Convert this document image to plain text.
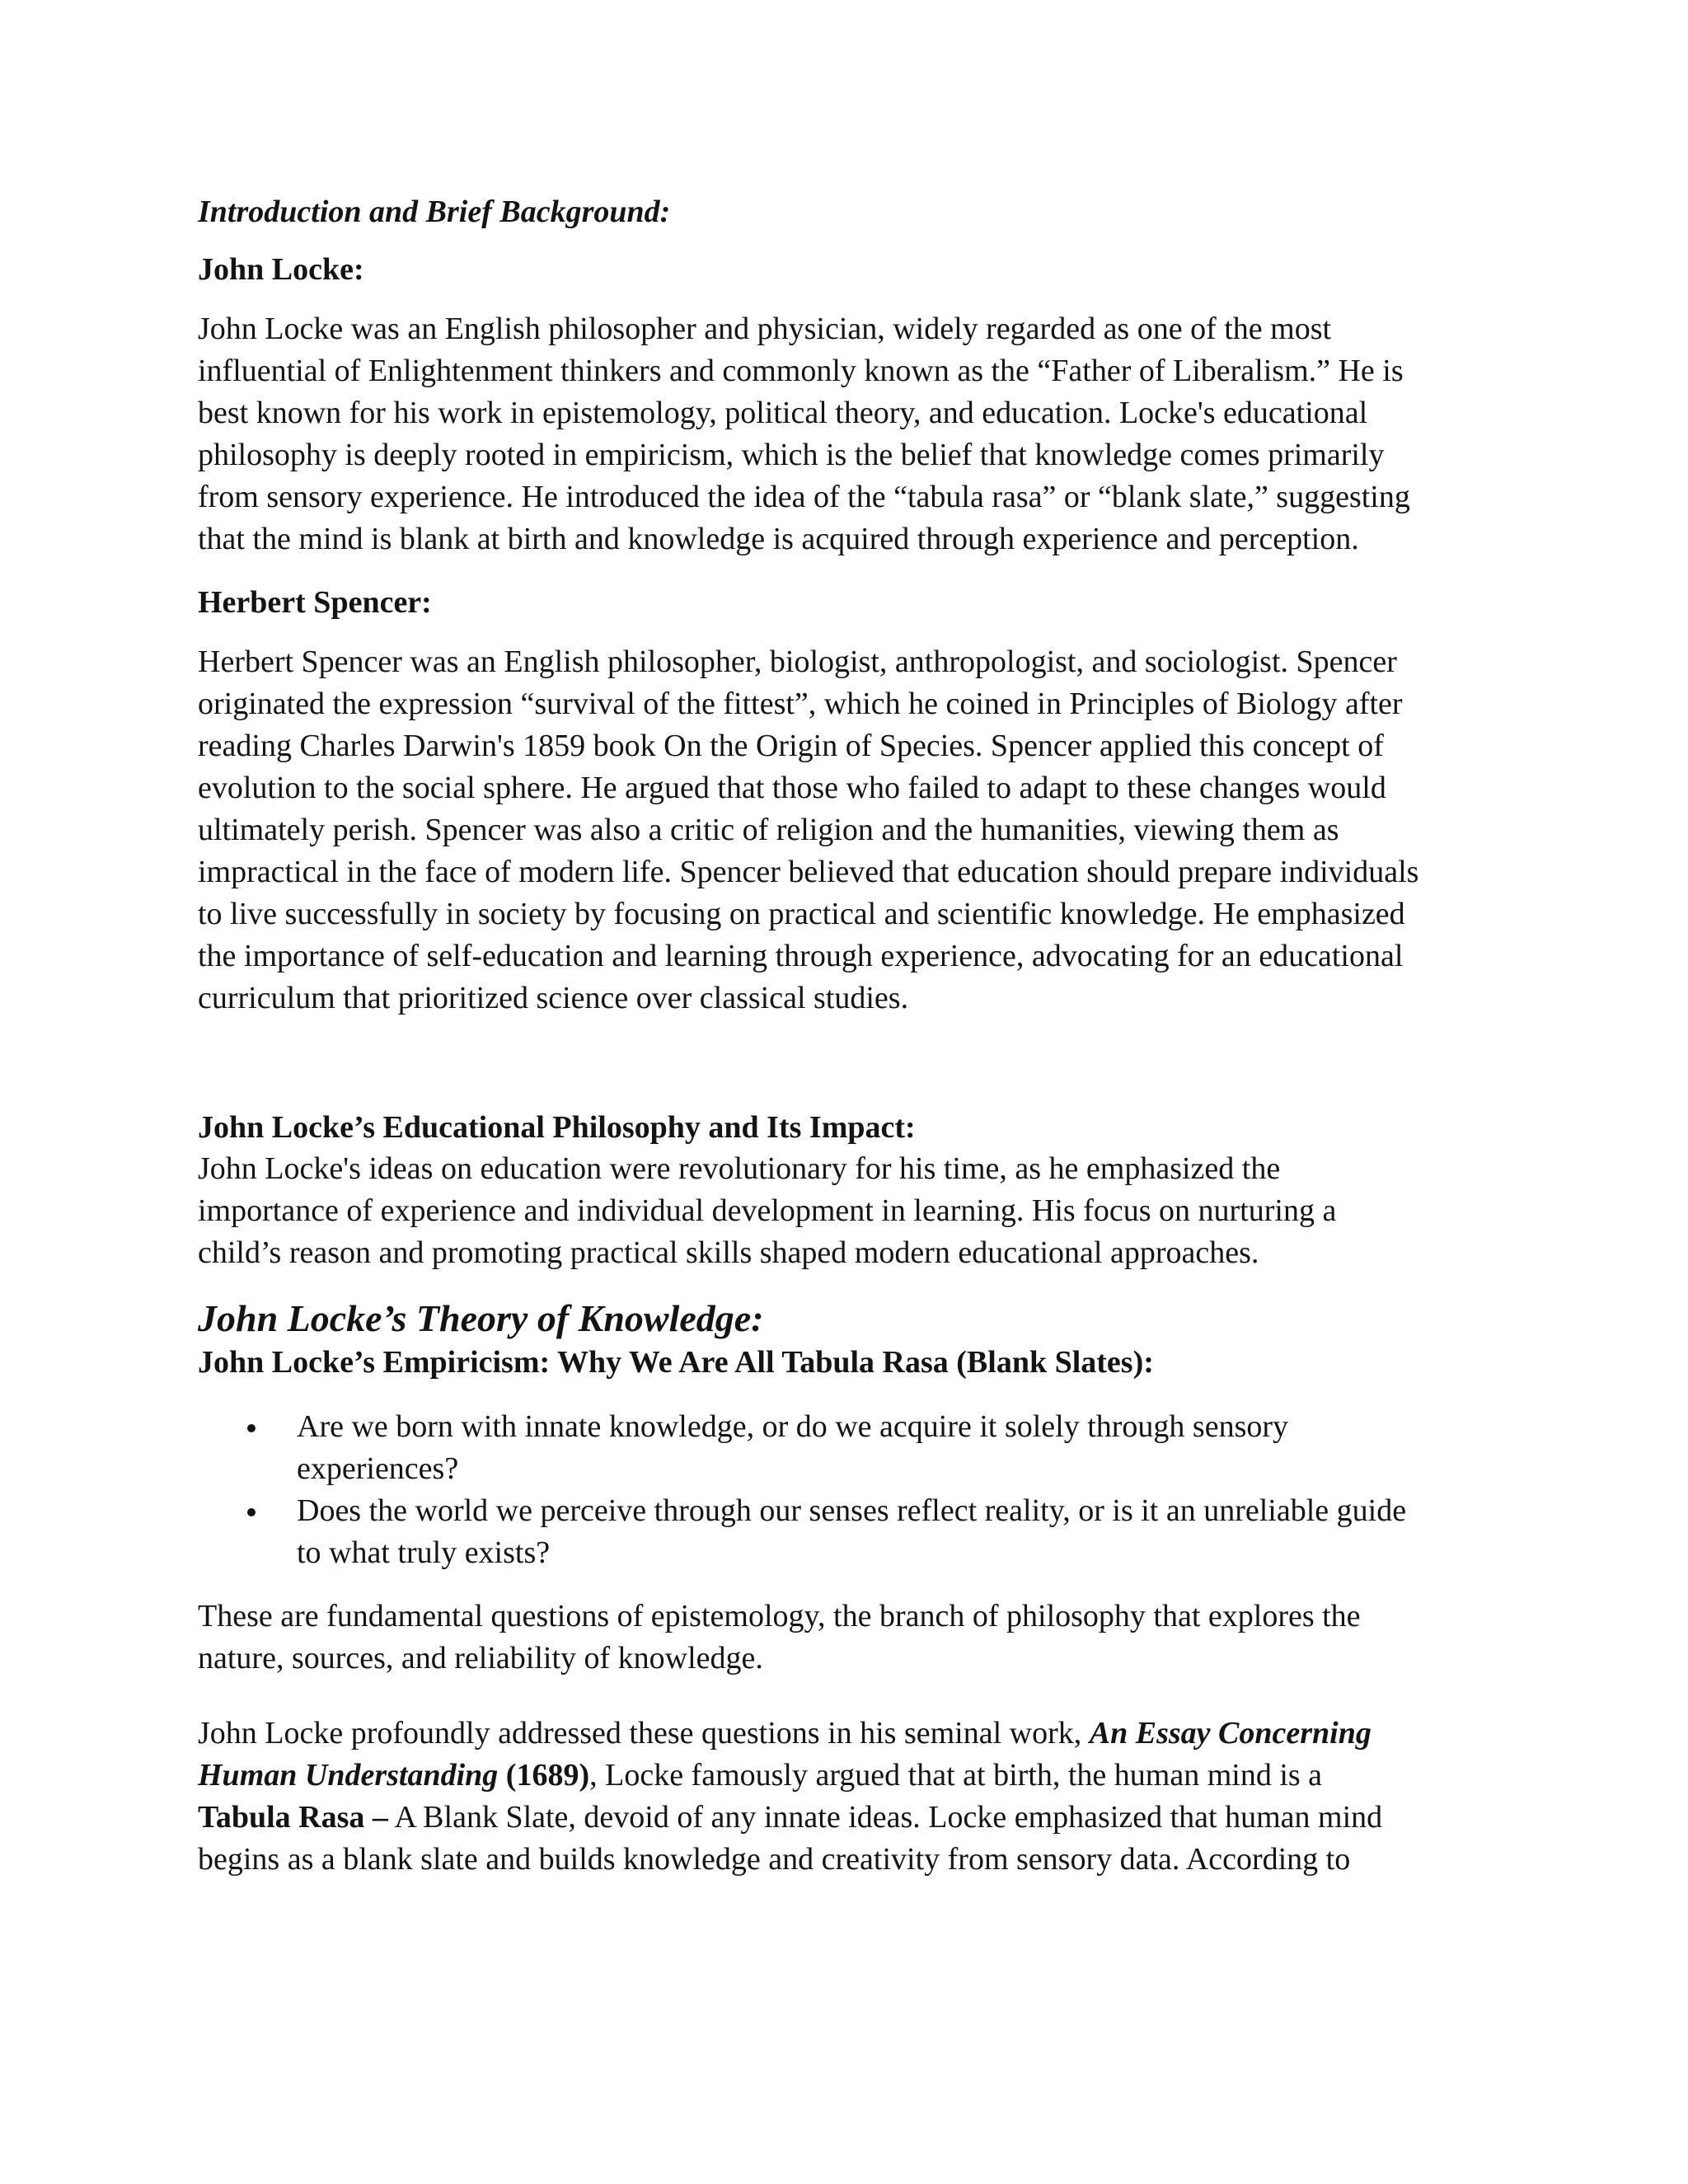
Introduction and Brief Background:
John Locke:

John Locke was an English philosopher and physician, widely regarded as one of the most
influential of Enlightenment thinkers and commonly known as the “Father of Liberalism.” He is
best known for his work in epistemology, political theory, and education. Locke's educational
philosophy is deeply rooted in empiricism, which is the belief that knowledge comes primarily
from sensory experience. He introduced the idea of the “tabula rasa” or “blank slate,” suggesting
that the mind is blank at birth and knowledge is acquired through experience and perception.

Herbert Spencer:

Herbert Spencer was an English philosopher, biologist, anthropologist, and sociologist. Spencer
originated the expression “survival of the fittest”, which he coined in Principles of Biology after
reading Charles Darwin's 1859 book On the Origin of Species. Spencer applied this concept of
evolution to the social sphere. He argued that those who failed to adapt to these changes would
ultimately perish. Spencer was also a critic of religion and the humanities, viewing them as
impractical in the face of modern life. Spencer believed that education should prepare individuals
to live successfully in society by focusing on practical and scientific knowledge. He emphasized
the importance of self-education and learning through experience, advocating for an educational
curriculum that prioritized science over classical studies.

John Locke’s Educational Philosophy and Its Impact:

John Locke's ideas on education were revolutionary for his time, as he emphasized the
importance of experience and individual development in learning. His focus on nurturing a
child’s reason and promoting practical skills shaped modern educational approaches.

John Locke’s Theory of Knowledge:
John Locke’s Empiricism: Why We Are All Tabula Rasa (Blank Slates):
Are we born with innate knowledge, or do we acquire it solely through sensory
experiences?
Does the world we perceive through our senses reflect reality, or is it an unreliable guide
to what truly exists?

These are fundamental questions of epistemology, the branch of philosophy that explores the
nature, sources, and reliability of knowledge.

John Locke profoundly addressed these questions in his seminal work, An Essay Concerning
Human Understanding (1689), Locke famously argued that at birth, the human mind is a
Tabula Rasa – A Blank Slate, devoid of any innate ideas. Locke emphasized that human mind
begins as a blank slate and builds knowledge and creativity from sensory data. According to
